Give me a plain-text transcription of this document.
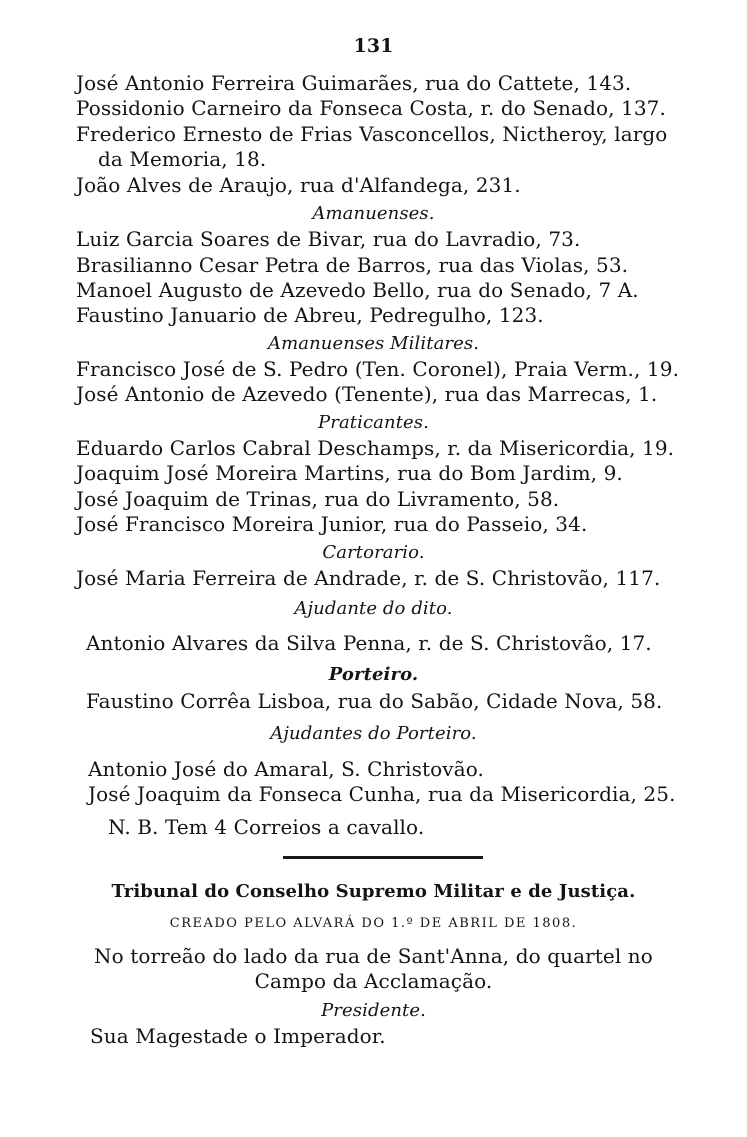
131
José Antonio Ferreira Guimarães, rua do Cattete, 143.
Possidonio Carneiro da Fonseca Costa, r. do Senado, 137.
Frederico Ernesto de Frias Vasconcellos, Nictheroy, largo
da Memoria, 18.
João Alves de Araujo, rua d'Alfandega, 231.
Amanuenses.
Luiz Garcia Soares de Bivar, rua do Lavradio, 73.
Brasilianno Cesar Petra de Barros, rua das Violas, 53.
Manoel Augusto de Azevedo Bello, rua do Senado, 7 A.
Faustino Januario de Abreu, Pedregulho, 123.
Amanuenses Militares.
Francisco José de S. Pedro (Ten. Coronel), Praia Verm., 19.
José Antonio de Azevedo (Tenente), rua das Marrecas, 1.
Praticantes.
Eduardo Carlos Cabral Deschamps, r. da Misericordia, 19.
Joaquim José Moreira Martins, rua do Bom Jardim, 9.
José Joaquim de Trinas, rua do Livramento, 58.
José Francisco Moreira Junior, rua do Passeio, 34.
Cartorario.
José Maria Ferreira de Andrade, r. de S. Christovão, 117.
Ajudante do dito.
Antonio Alvares da Silva Penna, r. de S. Christovão, 17.
Porteiro.
Faustino Corrêa Lisboa, rua do Sabão, Cidade Nova, 58.
Ajudantes do Porteiro.
Antonio José do Amaral, S. Christovão.
José Joaquim da Fonseca Cunha, rua da Misericordia, 25.
N. B. Tem 4 Correios a cavallo.
Tribunal do Conselho Supremo Militar e de Justiça.
CREADO PELO ALVARÁ DO 1.º DE ABRIL DE 1808.
No torreão do lado da rua de Sant'Anna, do quartel no
Campo da Acclamação.
Presidente.
Sua Magestade o Imperador.
